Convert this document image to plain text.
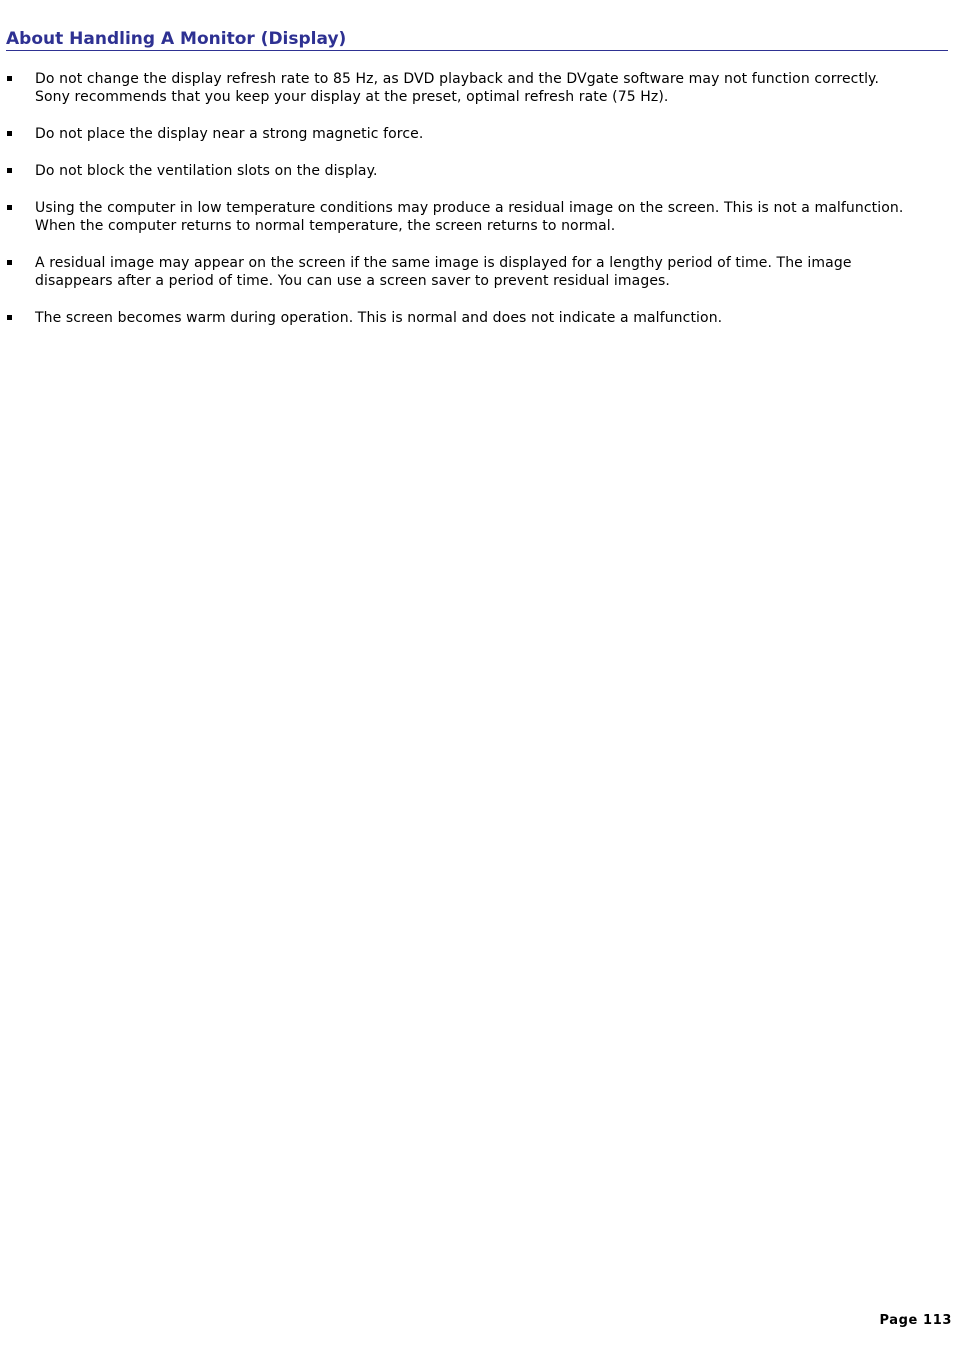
About Handling A Monitor (Display)
Do not change the display refresh rate to 85 Hz, as DVD playback and the DVgate software may not function correctly. Sony recommends that you keep your display at the preset, optimal refresh rate (75 Hz).
Do not place the display near a strong magnetic force.
Do not block the ventilation slots on the display.
Using the computer in low temperature conditions may produce a residual image on the screen. This is not a malfunction. When the computer returns to normal temperature, the screen returns to normal.
A residual image may appear on the screen if the same image is displayed for a lengthy period of time. The image disappears after a period of time. You can use a screen saver to prevent residual images.
The screen becomes warm during operation. This is normal and does not indicate a malfunction.
Page 113
